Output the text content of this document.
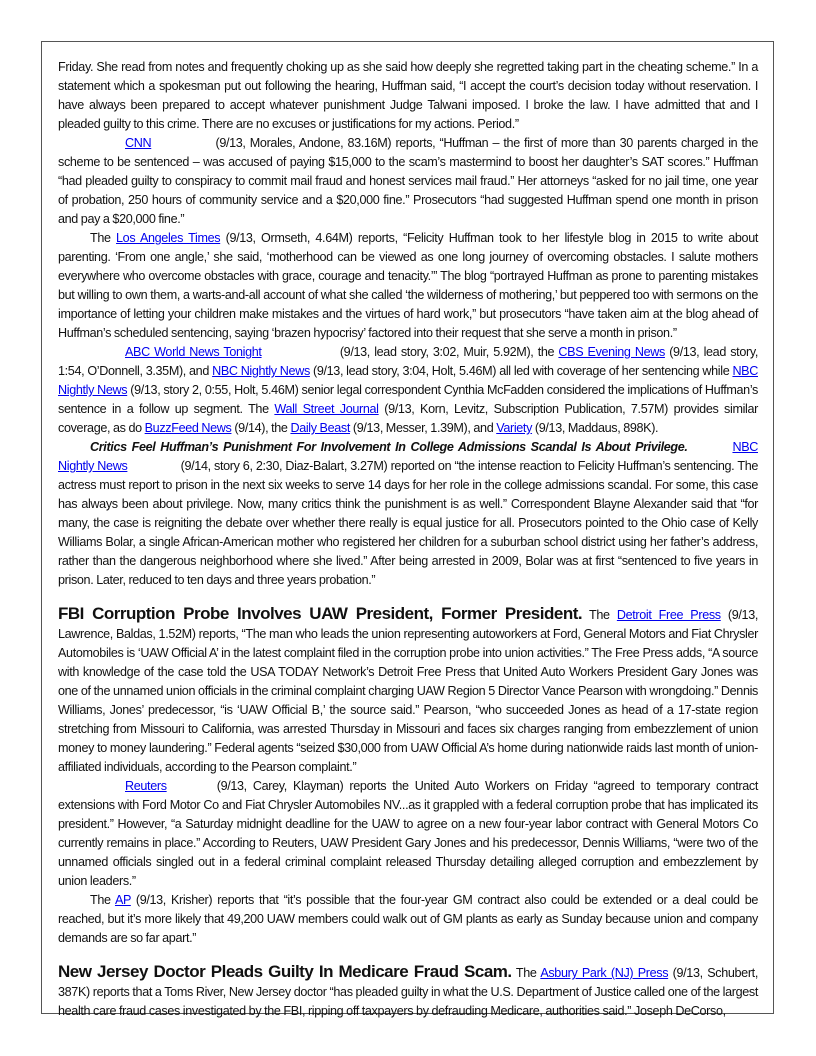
Friday. She read from notes and frequently choking up as she said how deeply she regretted taking part in the cheating scheme.” In a statement which a spokesman put out following the hearing, Huffman said, “I accept the court’s decision today without reservation. I have always been prepared to accept whatever punishment Judge Talwani imposed. I broke the law. I have admitted that and I pleaded guilty to this crime. There are no excuses or justifications for my actions. Period.”

CNN	(9/13, Morales, Andone, 83.16M) reports, “Huffman – the first of more than 30 parents charged in the scheme to be sentenced – was accused of paying $15,000 to the scam’s mastermind to boost her daughter’s SAT scores.” Huffman “had pleaded guilty to conspiracy to commit mail fraud and honest services mail fraud.” Her attorneys “asked for no jail time, one year of probation, 250 hours of community service and a $20,000 fine.” Prosecutors “had suggested Huffman spend one month in prison and pay a $20,000 fine.”

The Los Angeles Times (9/13, Ormseth, 4.64M) reports, “Felicity Huffman took to her lifestyle blog in 2015 to write about parenting. ‘From one angle,’ she said, ‘motherhood can be viewed as one long journey of overcoming obstacles. I salute mothers everywhere who overcome obstacles with grace, courage and tenacity.’” The blog “portrayed Huffman as prone to parenting mistakes but willing to own them, a warts-and-all account of what she called ‘the wilderness of mothering,’ but peppered too with sermons on the importance of letting your children make mistakes and the virtues of hard work,” but prosecutors “have taken aim at the blog ahead of Huffman’s scheduled sentencing, saying ‘brazen hypocrisy’ factored into their request that she serve a month in prison.”

ABC World News Tonight	(9/13, lead story, 3:02, Muir, 5.92M), the CBS Evening News (9/13, lead story, 1:54, O’Donnell, 3.35M), and NBC Nightly News (9/13, lead story, 3:04, Holt, 5.46M) all led with coverage of her sentencing while NBC Nightly News (9/13, story 2, 0:55, Holt, 5.46M) senior legal correspondent Cynthia McFadden considered the implications of Huffman’s sentence in a follow up segment. The Wall Street Journal (9/13, Korn, Levitz, Subscription Publication, 7.57M) provides similar coverage, as do BuzzFeed News (9/14), the Daily Beast (9/13, Messer, 1.39M), and Variety (9/13, Maddaus, 898K).

Critics Feel Huffman’s Punishment For Involvement In College Admissions Scandal Is About Privilege.	NBC Nightly News	(9/14, story 6, 2:30, Diaz-Balart, 3.27M) reported on “the intense reaction to Felicity Huffman’s sentencing. The actress must report to prison in the next six weeks to serve 14 days for her role in the college admissions scandal. For some, this case has always been about privilege. Now, many critics think the punishment is as well.” Correspondent Blayne Alexander said that “for many, the case is reigniting the debate over whether there really is equal justice for all. Prosecutors pointed to the Ohio case of Kelly Williams Bolar, a single African-American mother who registered her children for a suburban school district using her father’s address, rather than the dangerous neighborhood where she lived.” After being arrested in 2009, Bolar was at first “sentenced to five years in prison. Later, reduced to ten days and three years probation.”

FBI Corruption Probe Involves UAW President, Former President. The Detroit Free Press (9/13, Lawrence, Baldas, 1.52M) reports, “The man who leads the union representing autoworkers at Ford, General Motors and Fiat Chrysler Automobiles is ‘UAW Official A’ in the latest complaint filed in the corruption probe into union activities.” The Free Press adds, “A source with knowledge of the case told the USA TODAY Network’s Detroit Free Press that United Auto Workers President Gary Jones was one of the unnamed union officials in the criminal complaint charging UAW Region 5 Director Vance Pearson with wrongdoing.” Dennis Williams, Jones’ predecessor, “is ‘UAW Official B,’ the source said.” Pearson, “who succeeded Jones as head of a 17-state region stretching from Missouri to California, was arrested Thursday in Missouri and faces six charges ranging from embezzlement of union money to money laundering.” Federal agents “seized $30,000 from UAW Official A’s home during nationwide raids last month of union-affiliated individuals, according to the Pearson complaint.”

Reuters	(9/13, Carey, Klayman) reports the United Auto Workers on Friday “agreed to temporary contract extensions with Ford Motor Co and Fiat Chrysler Automobiles NV...as it grappled with a federal corruption probe that has implicated its president.” However, “a Saturday midnight deadline for the UAW to agree on a new four-year labor contract with General Motors Co currently remains in place.” According to Reuters, UAW President Gary Jones and his predecessor, Dennis Williams, “were two of the unnamed officials singled out in a federal criminal complaint released Thursday detailing alleged corruption and embezzlement by union leaders.”

The AP (9/13, Krisher) reports that “it’s possible that the four-year GM contract also could be extended or a deal could be reached, but it’s more likely that 49,200 UAW members could walk out of GM plants as early as Sunday because union and company demands are so far apart.”

New Jersey Doctor Pleads Guilty In Medicare Fraud Scam. The Asbury Park (NJ) Press (9/13, Schubert, 387K) reports that a Toms River, New Jersey doctor “has pleaded guilty in what the U.S. Department of Justice called one of the largest health care fraud cases investigated by the FBI, ripping off taxpayers by defrauding Medicare, authorities said.” Joseph DeCorso,
